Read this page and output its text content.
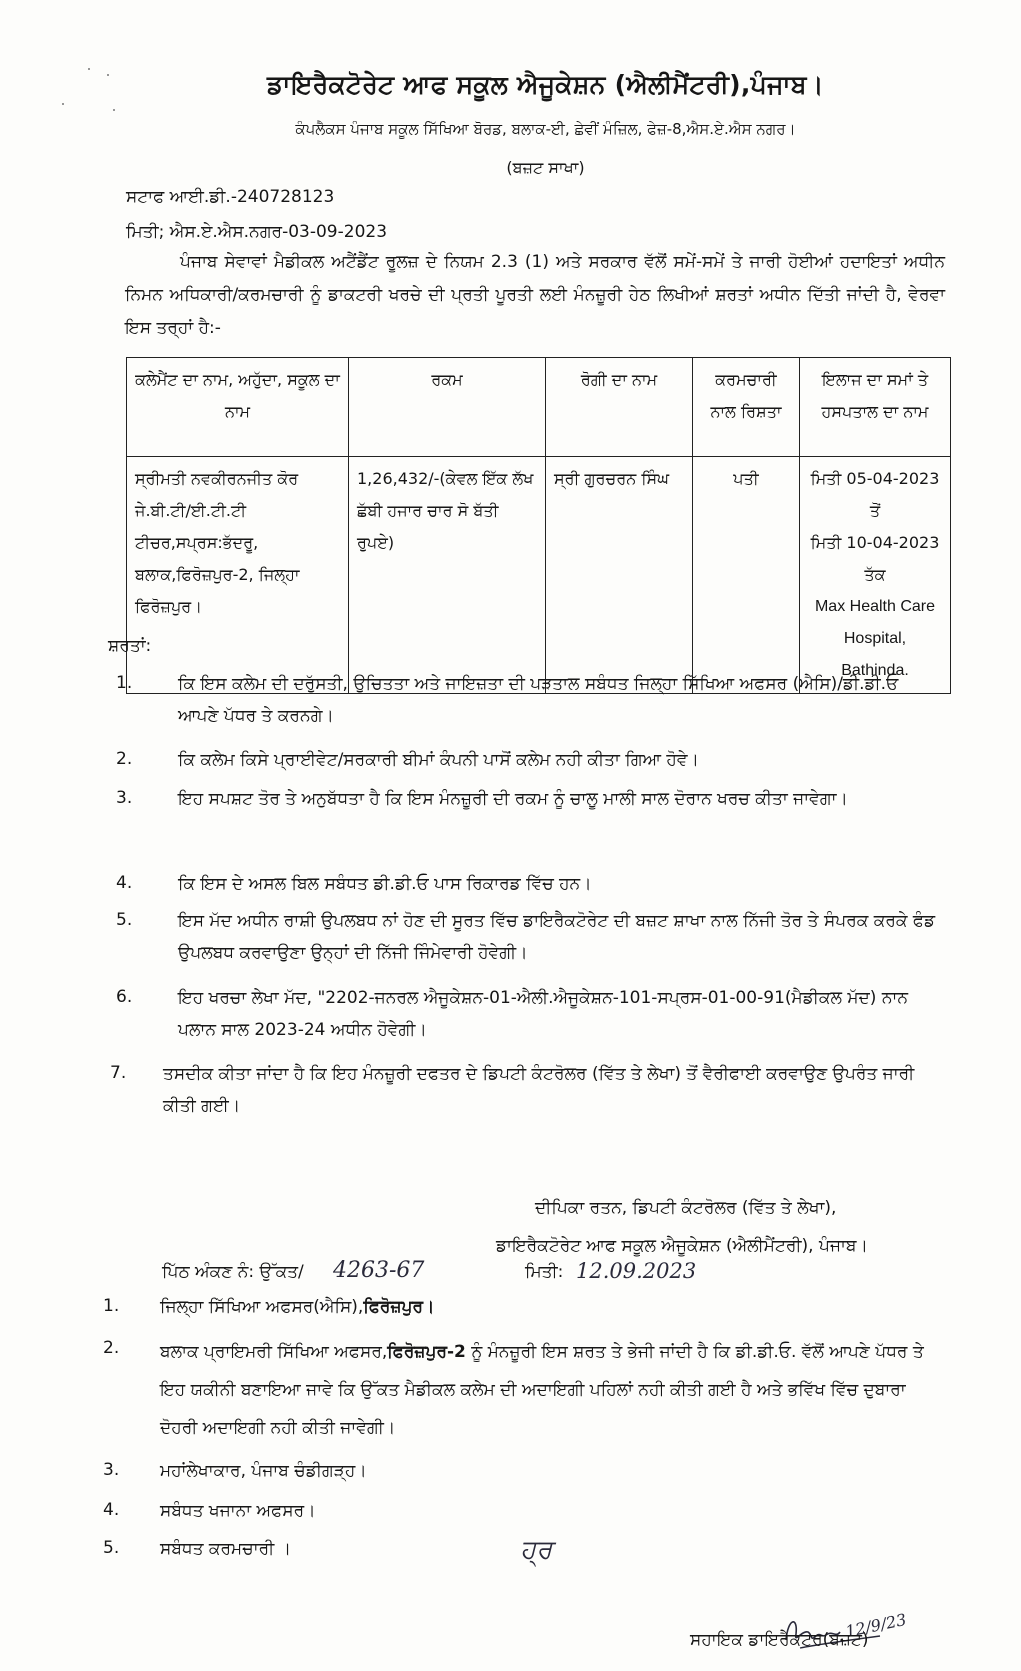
ਡਾਇਰੈਕਟੋਰੇਟ ਆਫ ਸਕੂਲ ਐਜੂਕੇਸ਼ਨ (ਐਲੀਮੈਂਟਰੀ),ਪੰਜਾਬ।
ਕੰਪਲੈਕਸ ਪੰਜਾਬ ਸਕੂਲ ਸਿੱਖਿਆ ਬੋਰਡ, ਬਲਾਕ-ਈ, ਛੇਵੀਂ ਮੰਜ਼ਿਲ, ਫੇਜ਼-8,ਐਸ.ਏ.ਐਸ ਨਗਰ।
(ਬਜ਼ਟ ਸਾਖਾ)
ਸਟਾਫ ਆਈ.ਡੀ.-240728123
ਮਿਤੀ; ਐਸ.ਏ.ਐਸ.ਨਗਰ-03-09-2023
ਪੰਜਾਬ ਸੇਵਾਵਾਂ ਮੈਡੀਕਲ ਅਟੈਂਡੈਂਟ ਰੂਲਜ਼ ਦੇ ਨਿਯਮ 2.3 (1) ਅਤੇ ਸਰਕਾਰ ਵੱਲੋਂ ਸਮੇਂ-ਸਮੇਂ ਤੇ ਜਾਰੀ ਹੋਈਆਂ ਹਦਾਇਤਾਂ ਅਧੀਨ ਨਿਮਨ ਅਧਿਕਾਰੀ/ਕਰਮਚਾਰੀ ਨੂੰ ਡਾਕਟਰੀ ਖਰਚੇ ਦੀ ਪ੍ਰਤੀ ਪੂਰਤੀ ਲਈ ਮੰਨਜ਼ੂਰੀ ਹੇਠ ਲਿਖੀਆਂ ਸ਼ਰਤਾਂ ਅਧੀਨ ਦਿੱਤੀ ਜਾਂਦੀ ਹੈ, ਵੇਰਵਾ ਇਸ ਤਰ੍ਹਾਂ ਹੈ:-
ਕਲੇਮੈਂਟ ਦਾ ਨਾਮ, ਅਹੁੱਦਾ, ਸਕੂਲ ਦਾ ਨਾਮ	ਰਕਮ	ਰੋਗੀ ਦਾ ਨਾਮ	ਕਰਮਚਾਰੀ ਨਾਲ ਰਿਸ਼ਤਾ	ਇਲਾਜ ਦਾ ਸਮਾਂ ਤੇ ਹਸਪਤਾਲ ਦਾ ਨਾਮ
ਸ੍ਰੀਮਤੀ ਨਵਕੀਰਨਜੀਤ ਕੋਰ ਜੇ.ਬੀ.ਟੀ/ਈ.ਟੀ.ਟੀ ਟੀਚਰ,ਸਪ੍ਰਸ:ਭੱਦਰੂ, ਬਲਾਕ,ਫਿਰੋਜ਼ਪੁਰ-2, ਜਿਲ੍ਹਾ ਫਿਰੋਜ਼ਪੁਰ।	1,26,432/-(ਕੇਵਲ ਇੱਕ ਲੱਖ ਛੱਬੀ ਹਜਾਰ ਚਾਰ ਸੋ ਬੱਤੀ ਰੁਪਏ)	ਸ੍ਰੀ ਗੁਰਚਰਨ ਸਿੰਘ	ਪਤੀ	ਮਿਤੀ 05-04-2023 ਤੋਂ
ਮਿਤੀ 10-04-2023 ਤੱਕ
Max Health Care Hospital, Bathinda.
ਸ਼ਰਤਾਂ:
1.	ਕਿ ਇਸ ਕਲੇਮ ਦੀ ਦਰੁੱਸਤੀ, ਉਚਿਤਤਾ ਅਤੇ ਜਾਇਜ਼ਤਾ ਦੀ ਪੜਤਾਲ ਸਬੰਧਤ ਜਿਲ੍ਹਾ ਸਿੱਖਿਆ ਅਫਸਰ (ਐਸਿ)/ਡੀ.ਡੀ.ਓ ਆਪਣੇ ਪੱਧਰ ਤੇ ਕਰਨਗੇ।
2.	ਕਿ ਕਲੇਮ ਕਿਸੇ ਪ੍ਰਾਈਵੇਟ/ਸਰਕਾਰੀ ਬੀਮਾਂ ਕੰਪਨੀ ਪਾਸੋਂ ਕਲੇਮ ਨਹੀ ਕੀਤਾ ਗਿਆ ਹੋਵੇ।
3.	ਇਹ ਸਪਸ਼ਟ ਤੋਰ ਤੇ ਅਨੁਬੱਧਤਾ ਹੈ ਕਿ ਇਸ ਮੰਨਜ਼ੂਰੀ ਦੀ ਰਕਮ ਨੂੰ ਚਾਲੂ ਮਾਲੀ ਸਾਲ ਦੋਰਾਨ ਖਰਚ ਕੀਤਾ ਜਾਵੇਗਾ।
4.	ਕਿ ਇਸ ਦੇ ਅਸਲ ਬਿਲ ਸਬੰਧਤ ਡੀ.ਡੀ.ਓ ਪਾਸ ਰਿਕਾਰਡ ਵਿੱਚ ਹਨ।
5.	ਇਸ ਮੱਦ ਅਧੀਨ ਰਾਸ਼ੀ ਉਪਲਬਧ ਨਾਂ ਹੋਣ ਦੀ ਸੂਰਤ ਵਿੱਚ ਡਾਇਰੈਕਟੋਰੇਟ ਦੀ ਬਜ਼ਟ ਸ਼ਾਖਾ ਨਾਲ ਨਿੱਜੀ ਤੋਰ ਤੇ ਸੰਪਰਕ ਕਰਕੇ ਫੰਡ ਉਪਲਬਧ ਕਰਵਾਉਣਾ ਉਨ੍ਹਾਂ ਦੀ ਨਿੱਜੀ ਜਿੰਮੇਵਾਰੀ ਹੋਵੇਗੀ।
6.	ਇਹ ਖਰਚਾ ਲੇਖਾ ਮੱਦ, "2202-ਜਨਰਲ ਐਜੂਕੇਸ਼ਨ-01-ਐਲੀ.ਐਜੂਕੇਸ਼ਨ-101-ਸਪ੍ਰਸ-01-00-91(ਮੈਡੀਕਲ ਮੱਦ) ਨਾਨ ਪਲਾਨ ਸਾਲ 2023-24 ਅਧੀਨ ਹੋਵੇਗੀ।
7. ਤਸਦੀਕ ਕੀਤਾ ਜਾਂਦਾ ਹੈ ਕਿ ਇਹ ਮੰਨਜ਼ੂਰੀ ਦਫਤਰ ਦੇ ਡਿਪਟੀ ਕੰਟਰੋਲਰ (ਵਿੱਤ ਤੇ ਲੇਖਾ) ਤੋਂ ਵੈਰੀਫਾਈ ਕਰਵਾਉਣ ਉਪਰੰਤ ਜਾਰੀ ਕੀਤੀ ਗਈ।
ਦੀਪਿਕਾ ਰਤਨ, ਡਿਪਟੀ ਕੰਟਰੋਲਰ (ਵਿੱਤ ਤੇ ਲੇਖਾ),
ਡਾਇਰੈਕਟੋਰੇਟ ਆਫ ਸਕੂਲ ਐਜੂਕੇਸ਼ਨ (ਐਲੀਮੈਂਟਰੀ), ਪੰਜਾਬ।
ਪਿੱਠ ਅੰਕਣ ਨੰ: ਉੱਕਤ/ 4263-67	ਮਿਤੀ: 12.09.2023
1. ਜਿਲ੍ਹਾ ਸਿੱਖਿਆ ਅਫਸਰ(ਐਸਿ),ਫਿਰੋਜ਼ਪੁਰ।
2. ਬਲਾਕ ਪ੍ਰਾਇਮਰੀ ਸਿੱਖਿਆ ਅਫਸਰ,ਫਿਰੋਜ਼ਪੁਰ-2 ਨੂੰ ਮੰਨਜ਼ੂਰੀ ਇਸ ਸ਼ਰਤ ਤੇ ਭੇਜੀ ਜਾਂਦੀ ਹੈ ਕਿ ਡੀ.ਡੀ.ਓ. ਵੱਲੋਂ ਆਪਣੇ ਪੱਧਰ ਤੇ ਇਹ ਯਕੀਨੀ ਬਣਾਇਆ ਜਾਵੇ ਕਿ ਉੱਕਤ ਮੈਡੀਕਲ ਕਲੇਮ ਦੀ ਅਦਾਇਗੀ ਪਹਿਲਾਂ ਨਹੀ ਕੀਤੀ ਗਈ ਹੈ ਅਤੇ ਭਵਿੱਖ ਵਿੱਚ ਦੁਬਾਰਾ ਦੋਹਰੀ ਅਦਾਇਗੀ ਨਹੀ ਕੀਤੀ ਜਾਵੇਗੀ।
3. ਮਹਾਂਲੇਖਾਕਾਰ, ਪੰਜਾਬ ਚੰਡੀਗੜ੍ਹ।
4. ਸਬੰਧਤ ਖਜਾਨਾ ਅਫਸਰ।
5. ਸਬੰਧਤ ਕਰਮਚਾਰੀ ।	ਹ੍ਰ
12/9/23
ਸਹਾਇਕ ਡਾਇਰੈਕਟਰ(ਬਜ਼ਟ)
